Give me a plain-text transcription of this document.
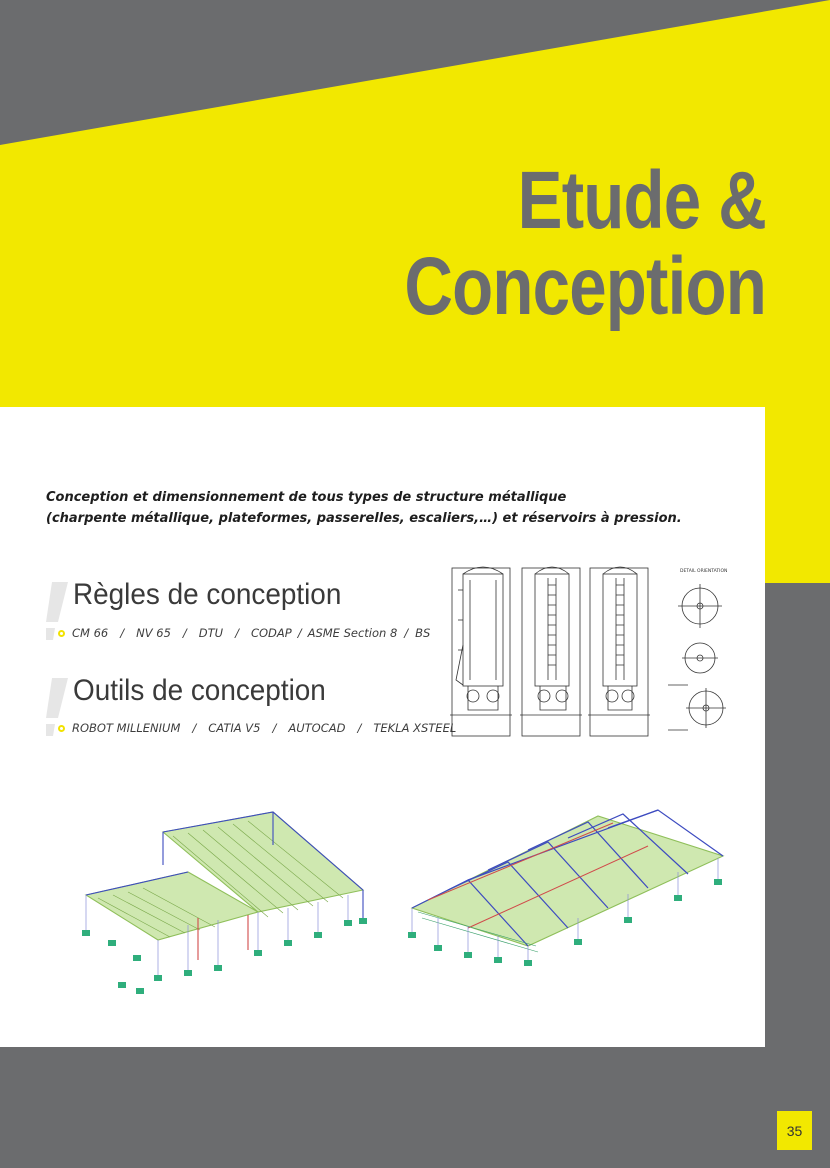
Etude &
Conception
Conception et dimensionnement de tous types de structure métallique
(charpente métallique, plateformes, passerelles, escaliers,…) et réservoirs à pression.
Règles de conception
CM 66 / NV 65 / DTU / CODAP / ASME Section 8 / BS
Outils de conception
ROBOT MILLENIUM / CATIA V5 / AUTOCAD / TEKLA XSTEEL
DETAIL ORIENTATION
35
